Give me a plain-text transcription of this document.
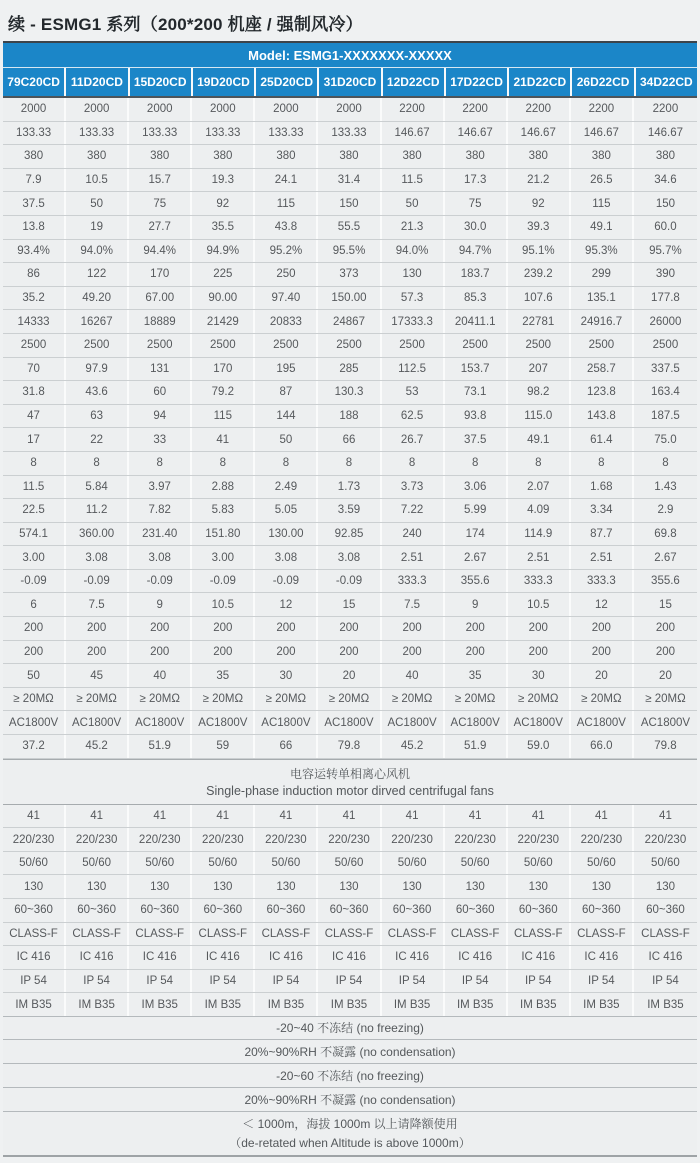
续 - ESMG1 系列（200*200 机座 / 强制风冷）
Model: ESMG1-XXXXXXX-XXXXX
79C20CD 11D20CD 15D20CD 19D20CD 25D20CD 31D20CD 12D22CD 17D22CD 21D22CD 26D22CD 34D22CD
2000	2000	2000	2000	2000	2000	2200	2200	2200	2200	2200
133.33	133.33	133.33	133.33	133.33	133.33	146.67	146.67	146.67	146.67	146.67
380	380	380	380	380	380	380	380	380	380	380
7.9	10.5	15.7	19.3	24.1	31.4	11.5	17.3	21.2	26.5	34.6
37.5	50	75	92	115	150	50	75	92	115	150
13.8	19	27.7	35.5	43.8	55.5	21.3	30.0	39.3	49.1	60.0
93.4%	94.0%	94.4%	94.9%	95.2%	95.5%	94.0%	94.7%	95.1%	95.3%	95.7%
86	122	170	225	250	373	130	183.7	239.2	299	390
35.2	49.20	67.00	90.00	97.40	150.00	57.3	85.3	107.6	135.1	177.8
14333	16267	18889	21429	20833	24867	17333.3	20411.1	22781	24916.7	26000
2500	2500	2500	2500	2500	2500	2500	2500	2500	2500	2500
70	97.9	131	170	195	285	112.5	153.7	207	258.7	337.5
31.8	43.6	60	79.2	87	130.3	53	73.1	98.2	123.8	163.4
47	63	94	115	144	188	62.5	93.8	115.0	143.8	187.5
17	22	33	41	50	66	26.7	37.5	49.1	61.4	75.0
8	8	8	8	8	8	8	8	8	8	8
11.5	5.84	3.97	2.88	2.49	1.73	3.73	3.06	2.07	1.68	1.43
22.5	11.2	7.82	5.83	5.05	3.59	7.22	5.99	4.09	3.34	2.9
574.1	360.00	231.40	151.80	130.00	92.85	240	174	114.9	87.7	69.8
3.00	3.08	3.08	3.00	3.08	3.08	2.51	2.67	2.51	2.51	2.67
-0.09	-0.09	-0.09	-0.09	-0.09	-0.09	333.3	355.6	333.3	333.3	355.6
6	7.5	9	10.5	12	15	7.5	9	10.5	12	15
200	200	200	200	200	200	200	200	200	200	200
200	200	200	200	200	200	200	200	200	200	200
50	45	40	35	30	20	40	35	30	20	20
≥ 20MΩ	≥ 20MΩ	≥ 20MΩ	≥ 20MΩ	≥ 20MΩ	≥ 20MΩ	≥ 20MΩ	≥ 20MΩ	≥ 20MΩ	≥ 20MΩ	≥ 20MΩ
AC1800V	AC1800V	AC1800V	AC1800V	AC1800V	AC1800V	AC1800V	AC1800V	AC1800V	AC1800V	AC1800V
37.2	45.2	51.9	59	66	79.8	45.2	51.9	59.0	66.0	79.8
电容运转单相离心风机
Single-phase induction motor dirved centrifugal fans
41	41	41	41	41	41	41	41	41	41	41
220/230	220/230	220/230	220/230	220/230	220/230	220/230	220/230	220/230	220/230	220/230
50/60	50/60	50/60	50/60	50/60	50/60	50/60	50/60	50/60	50/60	50/60
130	130	130	130	130	130	130	130	130	130	130
60~360	60~360	60~360	60~360	60~360	60~360	60~360	60~360	60~360	60~360	60~360
CLASS-F	CLASS-F	CLASS-F	CLASS-F	CLASS-F	CLASS-F	CLASS-F	CLASS-F	CLASS-F	CLASS-F	CLASS-F
IC 416	IC 416	IC 416	IC 416	IC 416	IC 416	IC 416	IC 416	IC 416	IC 416	IC 416
IP 54	IP 54	IP 54	IP 54	IP 54	IP 54	IP 54	IP 54	IP 54	IP 54	IP 54
IM B35	IM B35	IM B35	IM B35	IM B35	IM B35	IM B35	IM B35	IM B35	IM B35	IM B35
-20~40 不冻结 (no freezing)
20%~90%RH 不凝露 (no condensation)
-20~60 不冻结 (no freezing)
20%~90%RH 不凝露 (no condensation)
＜ 1000m，海拔 1000m 以上请降额使用
（de-retated when Altitude is above 1000m）
